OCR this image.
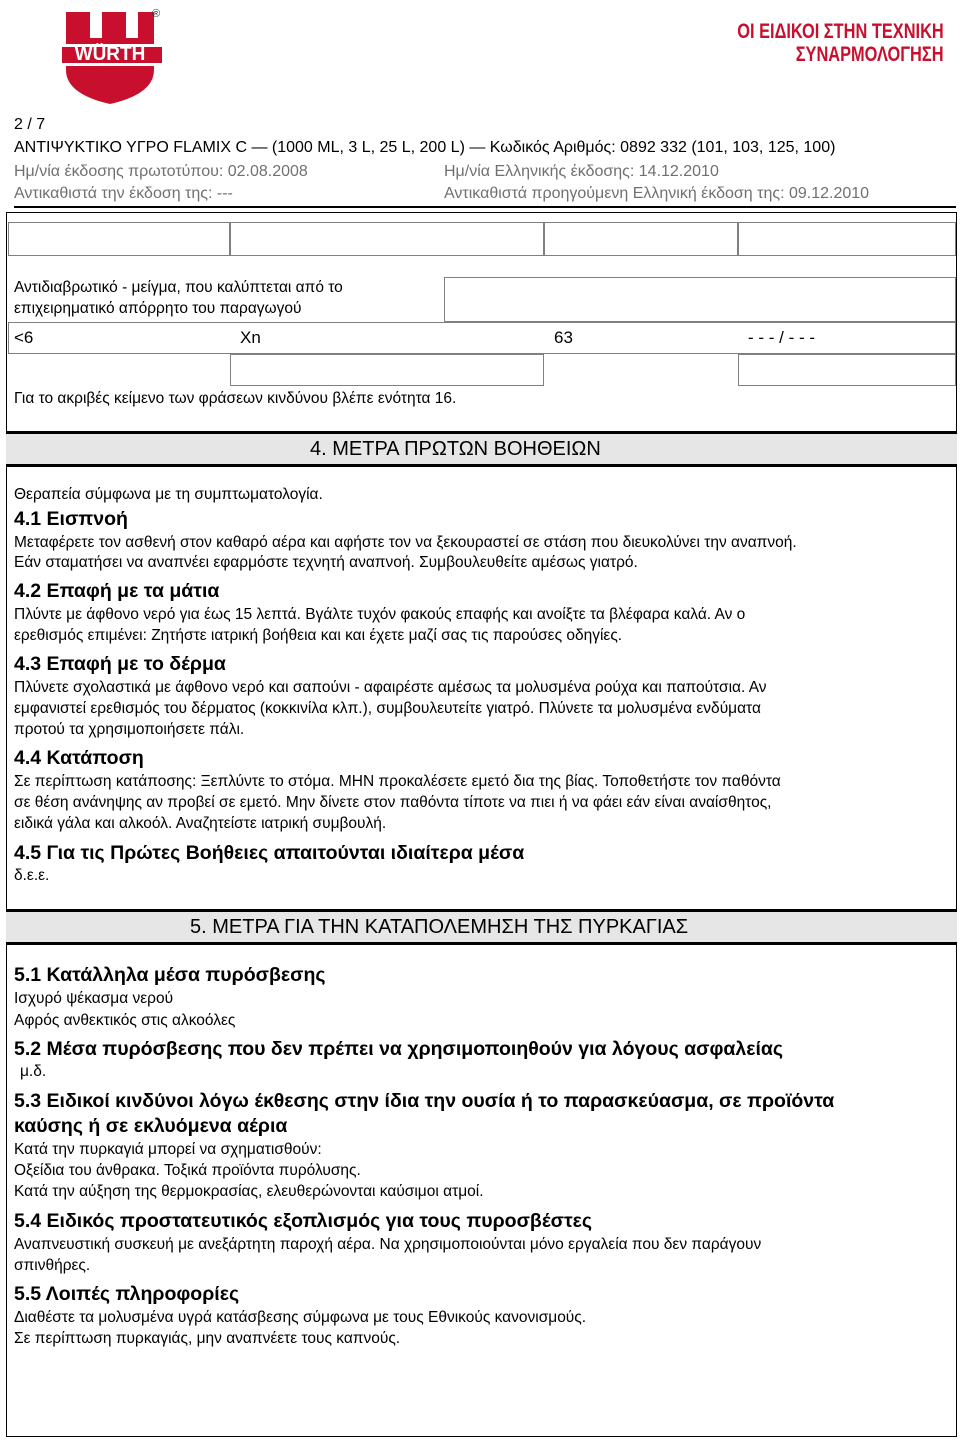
WÜRTH
®
ΟΙ ΕΙΔΙΚΟΙ ΣΤΗΝ ΤΕΧΝΙΚΗ
ΣΥΝΑΡΜΟΛΟΓΗΣΗ
2 / 7
ΑΝΤΙΨΥΚΤΙΚΟ ΥΓΡΟ FLAMIX C — (1000 ML, 3 L, 25 L, 200 L) — Κωδικός Αριθμός: 0892 332 (101, 103, 125, 100)
Ημ/νία έκδοσης πρωτοτύπου: 02.08.2008	Ημ/νία Ελληνικής έκδοσης: 14.12.2010
Αντικαθιστά την έκδοση της: ---	Αντικαθιστά προηγούμενη Ελληνική έκδοση της: 09.12.2010
Αντιδιαβρωτικό - μείγμα, που καλύπτεται από το
επιχειρηματικό απόρρητο του παραγωγού
<6	Xn	63	- - - / - - -
Για το ακριβές κείμενο των φράσεων κινδύνου βλέπε ενότητα 16.
4. ΜΕΤΡΑ ΠΡΩΤΩΝ ΒΟΗΘΕΙΩΝ
Θεραπεία σύμφωνα με τη συμπτωματολογία.
4.1 Εισπνοή
Μεταφέρετε τον ασθενή στον καθαρό αέρα και αφήστε τον να ξεκουραστεί σε στάση που διευκολύνει την αναπνοή.
Εάν σταματήσει να αναπνέει εφαρμόστε τεχνητή αναπνοή. Συμβουλευθείτε αμέσως γιατρό.
4.2 Επαφή με τα μάτια
Πλύντε με άφθονο νερό για έως 15 λεπτά. Βγάλτε τυχόν φακούς επαφής και ανοίξτε τα βλέφαρα καλά. Αν ο
ερεθισμός επιμένει: Ζητήστε ιατρική βοήθεια και και έχετε μαζί σας τις παρούσες οδηγίες.
4.3 Επαφή με το δέρμα
Πλύνετε σχολαστικά με άφθονο νερό και σαπούνι - αφαιρέστε αμέσως τα μολυσμένα ρούχα και παπούτσια. Αν
εμφανιστεί ερεθισμός του δέρματος (κοκκινίλα κλπ.), συμβουλευτείτε γιατρό. Πλύνετε τα μολυσμένα ενδύματα
προτού τα χρησιμοποιήσετε πάλι.
4.4 Κατάποση
Σε περίπτωση κατάποσης: Ξεπλύντε το στόμα. ΜΗΝ προκαλέσετε εμετό δια της βίας. Τοποθετήστε τον παθόντα
σε θέση ανάνηψης αν προβεί σε εμετό. Μην δίνετε στον παθόντα τίποτε να πιει ή να φάει εάν είναι αναίσθητος,
ειδικά γάλα και αλκοόλ. Αναζητείστε ιατρική συμβουλή.
4.5 Για τις Πρώτες Βοήθειες απαιτούνται ιδιαίτερα μέσα
δ.ε.ε.
5. ΜΕΤΡΑ ΓΙΑ ΤΗΝ ΚΑΤΑΠΟΛΕΜΗΣΗ ΤΗΣ ΠΥΡΚΑΓΙΑΣ
5.1 Κατάλληλα μέσα πυρόσβεσης
Ισχυρό ψέκασμα νερού
Αφρός ανθεκτικός στις αλκοόλες
5.2 Μέσα πυρόσβεσης που δεν πρέπει να χρησιμοποιηθούν για λόγους ασφαλείας
μ.δ.
5.3 Ειδικοί κινδύνοι λόγω έκθεσης στην ίδια την ουσία ή το παρασκεύασμα, σε προϊόντα
καύσης ή σε εκλυόμενα αέρια
Κατά την πυρκαγιά μπορεί να σχηματισθούν:
Οξείδια του άνθρακα. Τοξικά προϊόντα πυρόλυσης.
Κατά την αύξηση της θερμοκρασίας, ελευθερώνονται καύσιμοι ατμοί.
5.4 Ειδικός προστατευτικός εξοπλισμός για τους πυροσβέστες
Αναπνευστική συσκευή με ανεξάρτητη παροχή αέρα. Να χρησιμοποιούνται μόνο εργαλεία που δεν παράγουν
σπινθήρες.
5.5 Λοιπές πληροφορίες
Διαθέστε τα μολυσμένα υγρά κατάσβεσης σύμφωνα με τους Εθνικούς κανονισμούς.
Σε περίπτωση πυρκαγιάς, μην αναπνέετε τους καπνούς.
